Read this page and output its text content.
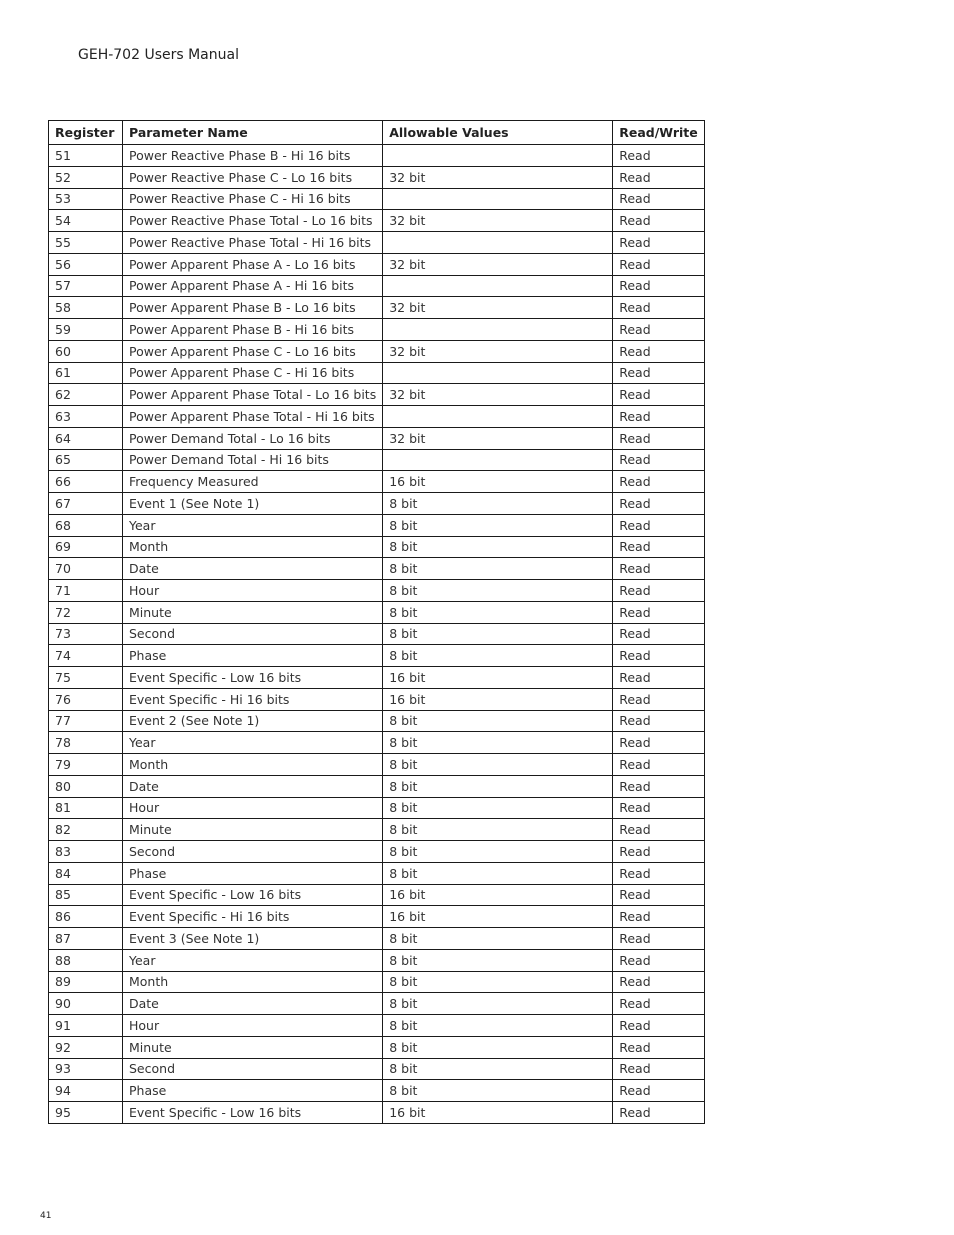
GEH-702 Users Manual
Register	Parameter Name	Allowable Values	Read/Write
51	Power Reactive Phase B - Hi 16 bits		Read
52	Power Reactive Phase C - Lo 16 bits	32 bit	Read
53	Power Reactive Phase C - Hi 16 bits		Read
54	Power Reactive Phase Total - Lo 16 bits	32 bit	Read
55	Power Reactive Phase Total - Hi 16 bits		Read
56	Power Apparent Phase A - Lo 16 bits	32 bit	Read
57	Power Apparent Phase A - Hi 16 bits		Read
58	Power Apparent Phase B - Lo 16 bits	32 bit	Read
59	Power Apparent Phase B - Hi 16 bits		Read
60	Power Apparent Phase C - Lo 16 bits	32 bit	Read
61	Power Apparent Phase C - Hi 16 bits		Read
62	Power Apparent Phase Total - Lo 16 bits	32 bit	Read
63	Power Apparent Phase Total - Hi 16 bits		Read
64	Power Demand Total - Lo 16 bits	32 bit	Read
65	Power Demand Total - Hi 16 bits		Read
66	Frequency Measured	16 bit	Read
67	Event 1 (See Note 1)	8 bit	Read
68	Year	8 bit	Read
69	Month	8 bit	Read
70	Date	8 bit	Read
71	Hour	8 bit	Read
72	Minute	8 bit	Read
73	Second	8 bit	Read
74	Phase	8 bit	Read
75	Event Specific - Low 16 bits	16 bit	Read
76	Event Specific - Hi 16 bits	16 bit	Read
77	Event 2 (See Note 1)	8 bit	Read
78	Year	8 bit	Read
79	Month	8 bit	Read
80	Date	8 bit	Read
81	Hour	8 bit	Read
82	Minute	8 bit	Read
83	Second	8 bit	Read
84	Phase	8 bit	Read
85	Event Specific - Low 16 bits	16 bit	Read
86	Event Specific - Hi 16 bits	16 bit	Read
87	Event 3 (See Note 1)	8 bit	Read
88	Year	8 bit	Read
89	Month	8 bit	Read
90	Date	8 bit	Read
91	Hour	8 bit	Read
92	Minute	8 bit	Read
93	Second	8 bit	Read
94	Phase	8 bit	Read
95	Event Specific - Low 16 bits	16 bit	Read
41
